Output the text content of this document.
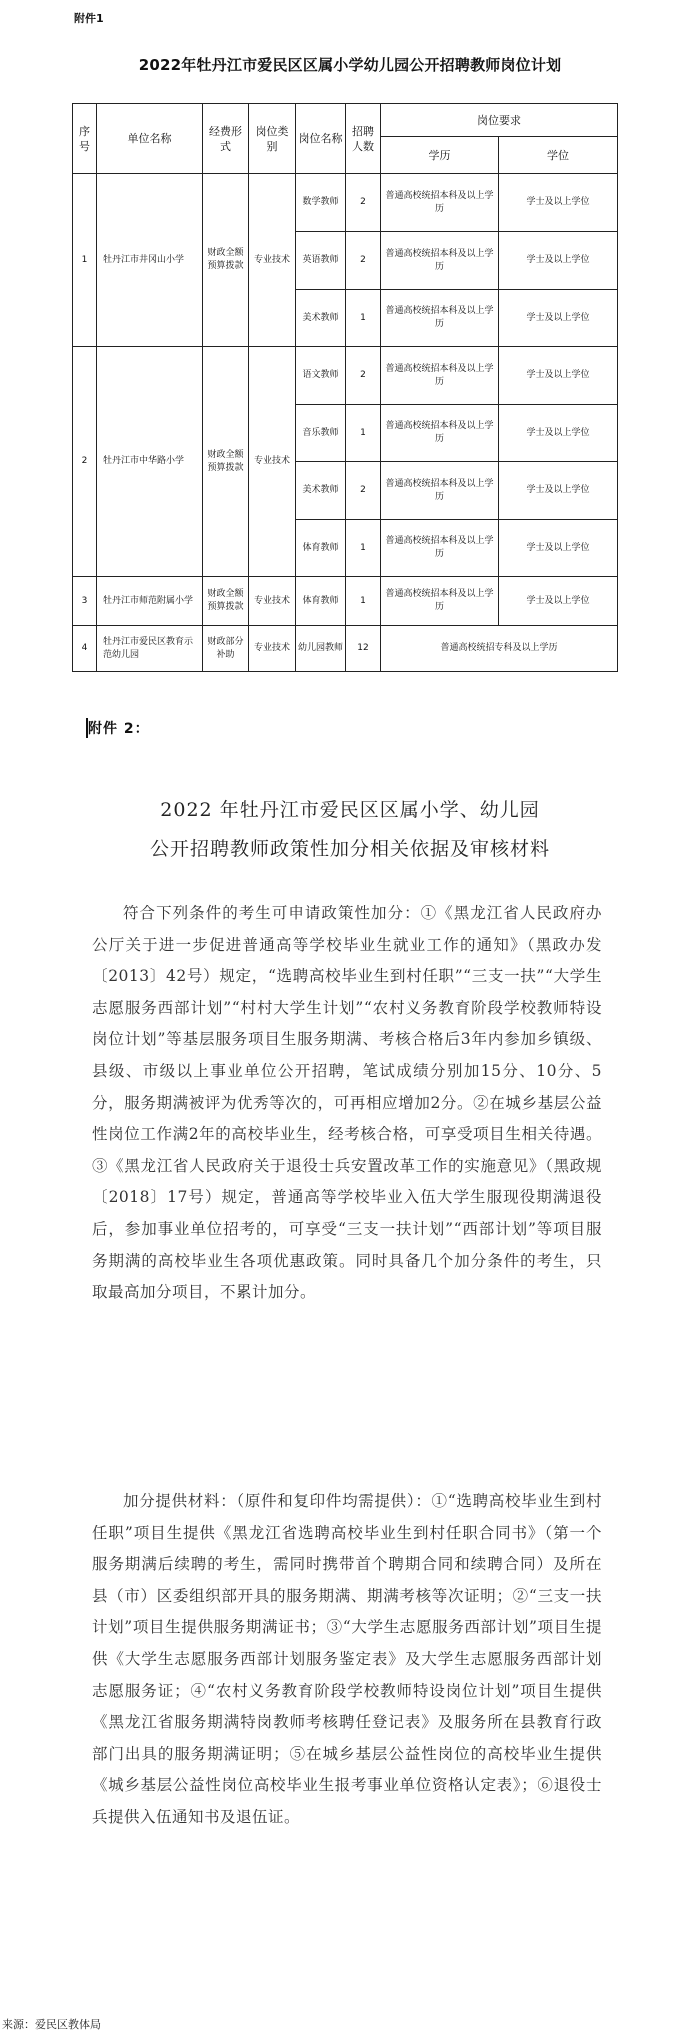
附件1
2022年牡丹江市爱民区区属小学幼儿园公开招聘教师岗位计划
序号	单位名称	经费形式	岗位类别	岗位名称	招聘人数	岗位要求	
						学历	学位
1	牡丹江市井冈山小学	财政全额预算拨款	专业技术	数学教师	2	普通高校统招本科及以上学历	学士及以上学位
				英语教师	2	普通高校统招本科及以上学历	学士及以上学位
				美术教师	1	普通高校统招本科及以上学历	学士及以上学位
2	牡丹江市中华路小学	财政全额预算拨款	专业技术	语文教师	2	普通高校统招本科及以上学历	学士及以上学位
				音乐教师	1	普通高校统招本科及以上学历	学士及以上学位
				美术教师	2	普通高校统招本科及以上学历	学士及以上学位
				体育教师	1	普通高校统招本科及以上学历	学士及以上学位
3	牡丹江市师范附属小学	财政全额预算拨款	专业技术	体育教师	1	普通高校统招本科及以上学历	学士及以上学位
4	牡丹江市爱民区教育示范幼儿园	财政部分补助	专业技术	幼儿园教师	12	普通高校统招专科及以上学历	
附件 2：
2022 年牡丹江市爱民区区属小学、幼儿园
公开招聘教师政策性加分相关依据及审核材料
符合下列条件的考生可申请政策性加分：①《黑龙江省人民政府办公厅关于进一步促进普通高等学校毕业生就业工作的通知》（黑政办发〔2013〕42号）规定，“选聘高校毕业生到村任职”“三支一扶”“大学生志愿服务西部计划”“村村大学生计划”“农村义务教育阶段学校教师特设岗位计划”等基层服务项目生服务期满、考核合格后3年内参加乡镇级、县级、市级以上事业单位公开招聘，笔试成绩分别加15分、10分、5分，服务期满被评为优秀等次的，可再相应增加2分。②在城乡基层公益性岗位工作满2年的高校毕业生，经考核合格，可享受项目生相关待遇。③《黑龙江省人民政府关于退役士兵安置改革工作的实施意见》（黑政规〔2018〕17号）规定，普通高等学校毕业入伍大学生服现役期满退役后，参加事业单位招考的，可享受“三支一扶计划”“西部计划”等项目服务期满的高校毕业生各项优惠政策。同时具备几个加分条件的考生，只取最高加分项目，不累计加分。
加分提供材料：（原件和复印件均需提供）：①“选聘高校毕业生到村任职”项目生提供《黑龙江省选聘高校毕业生到村任职合同书》（第一个服务期满后续聘的考生，需同时携带首个聘期合同和续聘合同）及所在县（市）区委组织部开具的服务期满、期满考核等次证明；②“三支一扶计划”项目生提供服务期满证书；③“大学生志愿服务西部计划”项目生提供《大学生志愿服务西部计划服务鉴定表》及大学生志愿服务西部计划志愿服务证；④“农村义务教育阶段学校教师特设岗位计划”项目生提供《黑龙江省服务期满特岗教师考核聘任登记表》及服务所在县教育行政部门出具的服务期满证明；⑤在城乡基层公益性岗位的高校毕业生提供《城乡基层公益性岗位高校毕业生报考事业单位资格认定表》；⑥退役士兵提供入伍通知书及退伍证。
来源：爱民区教体局
